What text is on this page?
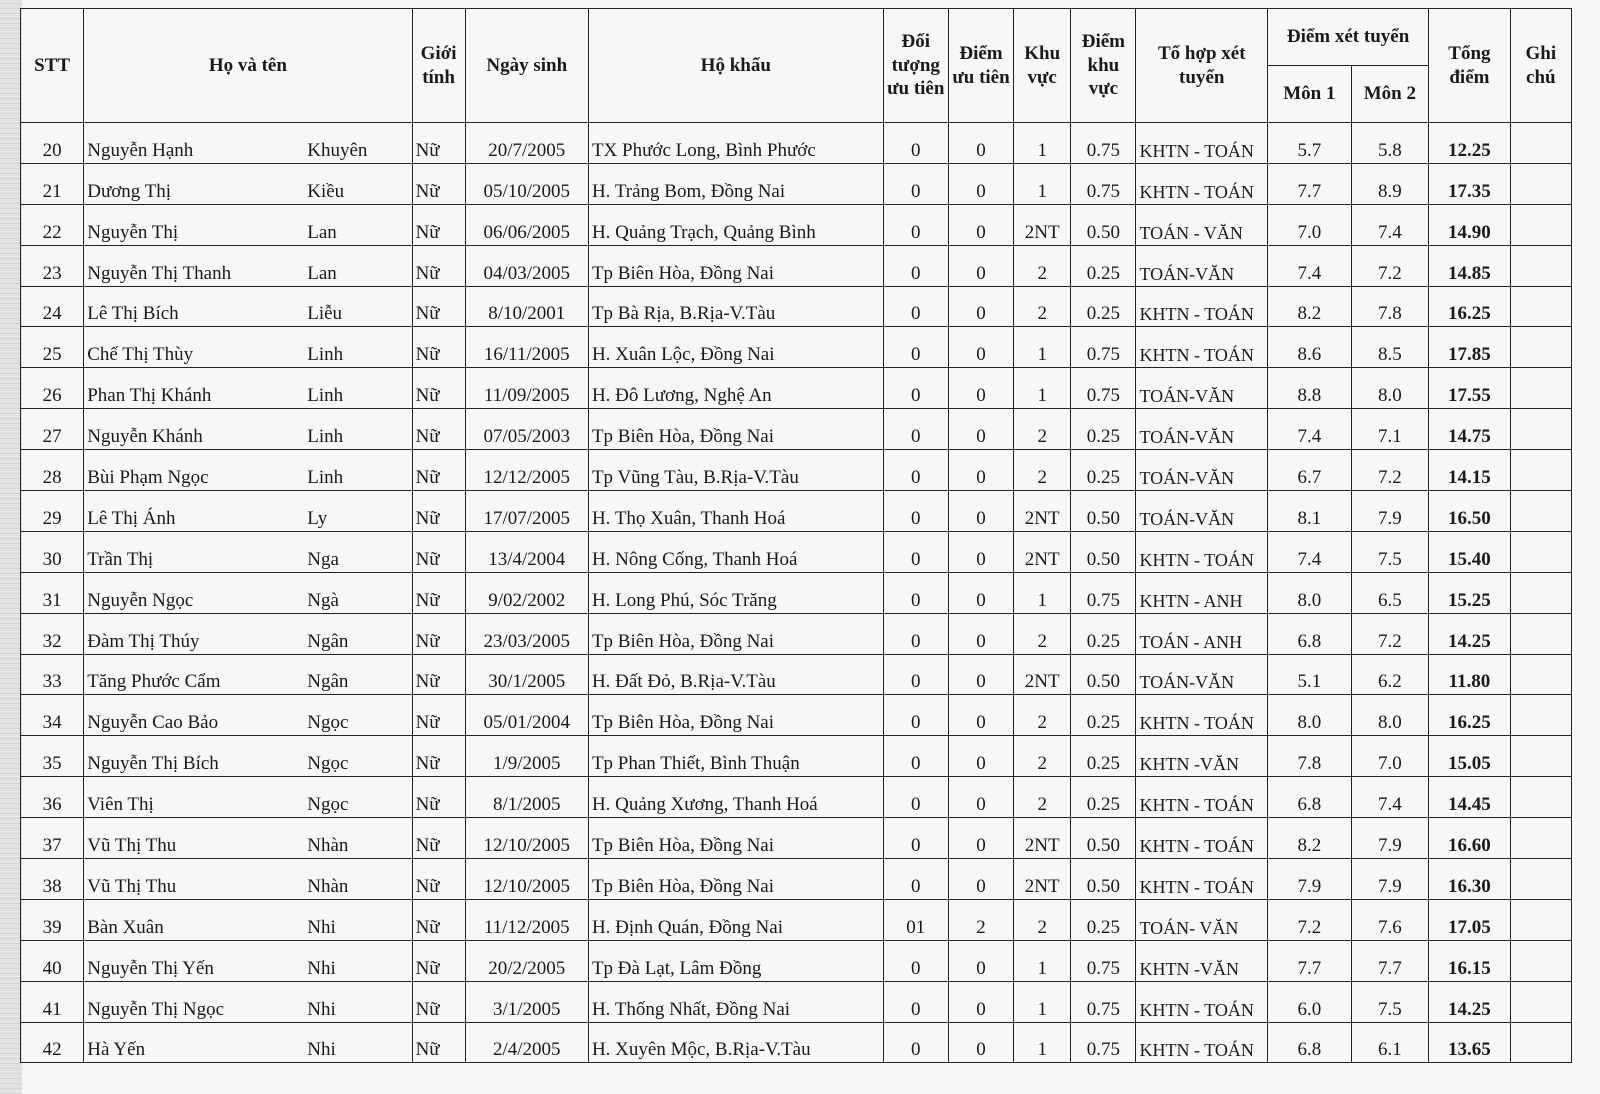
STT	Họ và tên	Giới tính	Ngày sinh	Hộ khẩu	Đối tượng ưu tiên	Điểm ưu tiên	Khu vực	Điểm khu vực	Tổ hợp xét tuyển	Điểm xét tuyển		Tổng điểm	Ghi chú
										Môn 1	Môn 2		
20	Nguyễn Hạnh Khuyên	Nữ	20/7/2005	TX Phước Long, Bình Phước	0	0	1	0.75	KHTN - TOÁN	5.7	5.8	12.25	
21	Dương Thị Kiều	Nữ	05/10/2005	H. Trảng Bom, Đồng Nai	0	0	1	0.75	KHTN - TOÁN	7.7	8.9	17.35	
22	Nguyễn Thị Lan	Nữ	06/06/2005	H. Quảng Trạch, Quảng Bình	0	0	2NT	0.50	TOÁN - VĂN	7.0	7.4	14.90	
23	Nguyễn Thị Thanh Lan	Nữ	04/03/2005	Tp Biên Hòa, Đồng Nai	0	0	2	0.25	TOÁN-VĂN	7.4	7.2	14.85	
24	Lê Thị Bích Liễu	Nữ	8/10/2001	Tp Bà Rịa, B.Rịa-V.Tàu	0	0	2	0.25	KHTN - TOÁN	8.2	7.8	16.25	
25	Chế Thị Thùy Linh	Nữ	16/11/2005	H. Xuân Lộc, Đồng Nai	0	0	1	0.75	KHTN - TOÁN	8.6	8.5	17.85	
26	Phan Thị Khánh Linh	Nữ	11/09/2005	H. Đô Lương, Nghệ An	0	0	1	0.75	TOÁN-VĂN	8.8	8.0	17.55	
27	Nguyễn Khánh Linh	Nữ	07/05/2003	Tp Biên Hòa, Đồng Nai	0	0	2	0.25	TOÁN-VĂN	7.4	7.1	14.75	
28	Bùi Phạm Ngọc Linh	Nữ	12/12/2005	Tp Vũng Tàu, B.Rịa-V.Tàu	0	0	2	0.25	TOÁN-VĂN	6.7	7.2	14.15	
29	Lê Thị Ánh Ly	Nữ	17/07/2005	H. Thọ Xuân, Thanh Hoá	0	0	2NT	0.50	TOÁN-VĂN	8.1	7.9	16.50	
30	Trần Thị Nga	Nữ	13/4/2004	H. Nông Cống, Thanh Hoá	0	0	2NT	0.50	KHTN - TOÁN	7.4	7.5	15.40	
31	Nguyễn Ngọc Ngà	Nữ	9/02/2002	H. Long Phú, Sóc Trăng	0	0	1	0.75	KHTN - ANH	8.0	6.5	15.25	
32	Đàm Thị Thúy Ngân	Nữ	23/03/2005	Tp Biên Hòa, Đồng Nai	0	0	2	0.25	TOÁN - ANH	6.8	7.2	14.25	
33	Tăng Phước Cẩm Ngân	Nữ	30/1/2005	H. Đất Đỏ, B.Rịa-V.Tàu	0	0	2NT	0.50	TOÁN-VĂN	5.1	6.2	11.80	
34	Nguyễn Cao Bảo Ngọc	Nữ	05/01/2004	Tp Biên Hòa, Đồng Nai	0	0	2	0.25	KHTN - TOÁN	8.0	8.0	16.25	
35	Nguyễn Thị Bích Ngọc	Nữ	1/9/2005	Tp Phan Thiết, Bình Thuận	0	0	2	0.25	KHTN -VĂN	7.8	7.0	15.05	
36	Viên Thị Ngọc	Nữ	8/1/2005	H. Quảng Xương, Thanh Hoá	0	0	2	0.25	KHTN - TOÁN	6.8	7.4	14.45	
37	Vũ Thị Thu Nhàn	Nữ	12/10/2005	Tp Biên Hòa, Đồng Nai	0	0	2NT	0.50	KHTN - TOÁN	8.2	7.9	16.60	
38	Vũ Thị Thu Nhàn	Nữ	12/10/2005	Tp Biên Hòa, Đồng Nai	0	0	2NT	0.50	KHTN - TOÁN	7.9	7.9	16.30	
39	Bàn Xuân Nhi	Nữ	11/12/2005	H. Định Quán, Đồng Nai	01	2	2	0.25	TOÁN- VĂN	7.2	7.6	17.05	
40	Nguyễn Thị Yến Nhi	Nữ	20/2/2005	Tp Đà Lạt, Lâm Đồng	0	0	1	0.75	KHTN -VĂN	7.7	7.7	16.15	
41	Nguyễn Thị Ngọc Nhi	Nữ	3/1/2005	H. Thống Nhất, Đồng Nai	0	0	1	0.75	KHTN - TOÁN	6.0	7.5	14.25	
42	Hà Yến Nhi	Nữ	2/4/2005	H. Xuyên Mộc, B.Rịa-V.Tàu	0	0	1	0.75	KHTN - TOÁN	6.8	6.1	13.65	
